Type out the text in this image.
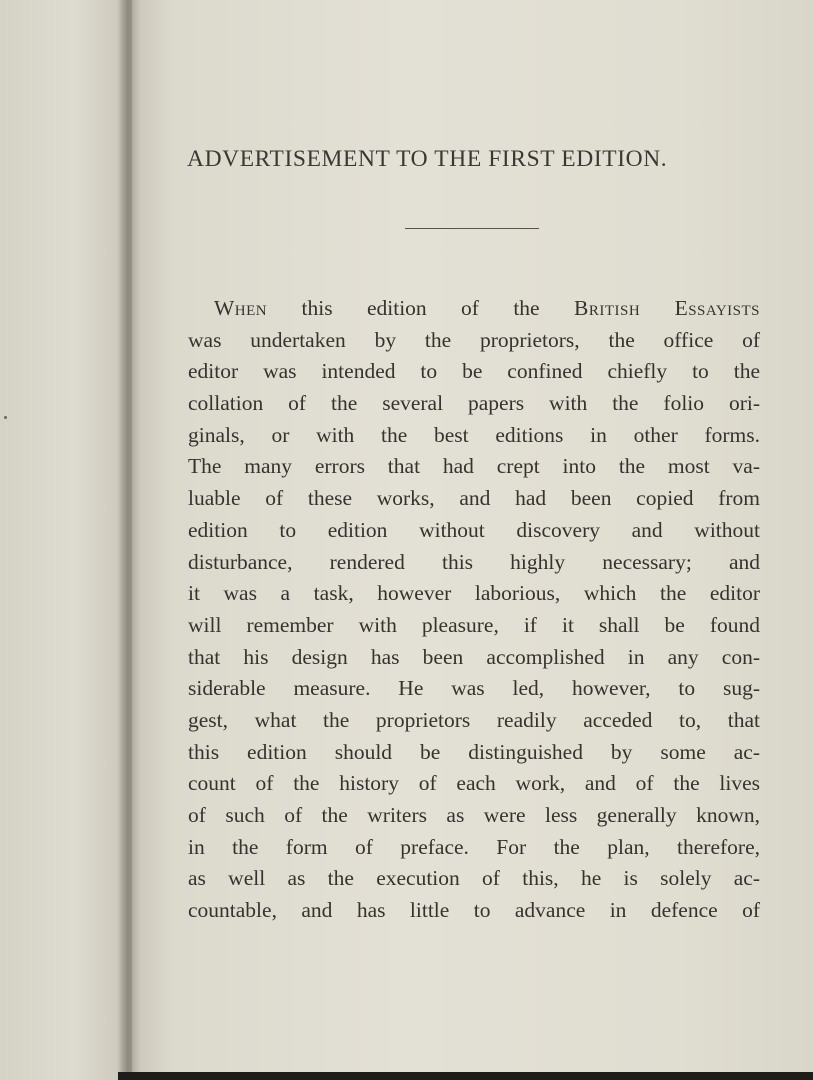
ADVERTISEMENT TO THE FIRST EDITION.
When this edition of the British Essayists
was undertaken by the proprietors, the office of
editor was intended to be confined chiefly to the
collation of the several papers with the folio ori-
ginals, or with the best editions in other forms.
The many errors that had crept into the most va-
luable of these works, and had been copied from
edition to edition without discovery and without
disturbance, rendered this highly necessary; and
it was a task, however laborious, which the editor
will remember with pleasure, if it shall be found
that his design has been accomplished in any con-
siderable measure. He was led, however, to sug-
gest, what the proprietors readily acceded to, that
this edition should be distinguished by some ac-
count of the history of each work, and of the lives
of such of the writers as were less generally known,
in the form of preface. For the plan, therefore,
as well as the execution of this, he is solely ac-
countable, and has little to advance in defence of
